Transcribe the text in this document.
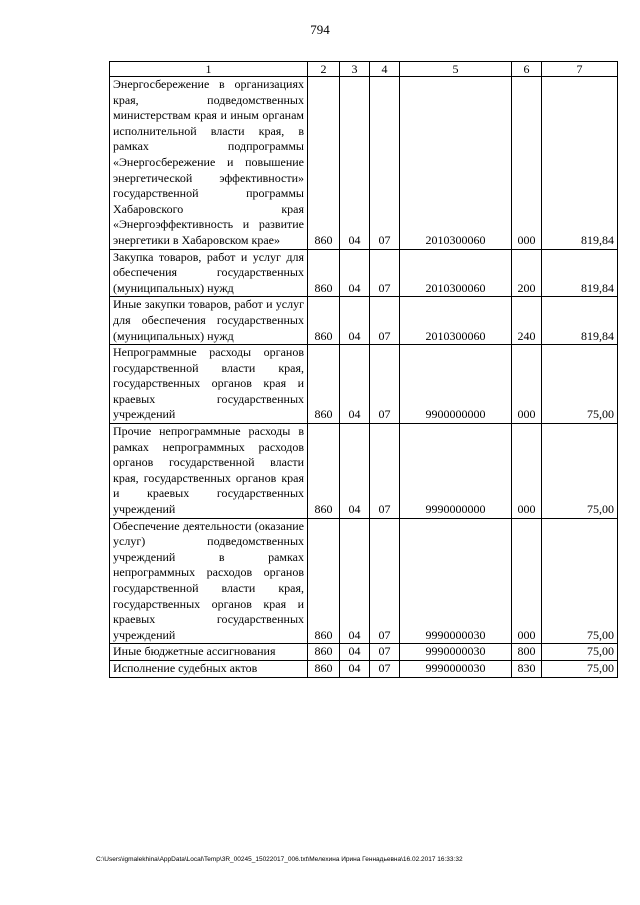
794
1	2	3	4	5	6	7
Энергосбережение в организациях края, подведомственных министерствам края и иным органам исполнительной власти края, в рамках подпрограммы «Энергосбережение и повышение энергетической эффективности» государственной программы Хабаровского края «Энергоэффективность и развитие энергетики в Хабаровском крае»	860	04	07	2010300060	000	819,84
Закупка товаров, работ и услуг для обеспечения государственных (муниципальных) нужд	860	04	07	2010300060	200	819,84
Иные закупки товаров, работ и услуг для обеспечения государственных (муниципальных) нужд	860	04	07	2010300060	240	819,84
Непрограммные расходы органов государственной власти края, государственных органов края и краевых государственных учреждений	860	04	07	9900000000	000	75,00
Прочие непрограммные расходы в рамках непрограммных расходов органов государственной власти края, государственных органов края и краевых государственных учреждений	860	04	07	9990000000	000	75,00
Обеспечение деятельности (оказание услуг) подведомственных учреждений в рамках непрограммных расходов органов государственной власти края, государственных органов края и краевых государственных учреждений	860	04	07	9990000030	000	75,00
Иные бюджетные ассигнования	860	04	07	9990000030	800	75,00
Исполнение судебных актов	860	04	07	9990000030	830	75,00
C:\Users\igmalekhina\AppData\Local\Temp\3R_00245_15022017_006.txt\Мелехина Ирина Геннадьевна\16.02.2017 16:33:32
